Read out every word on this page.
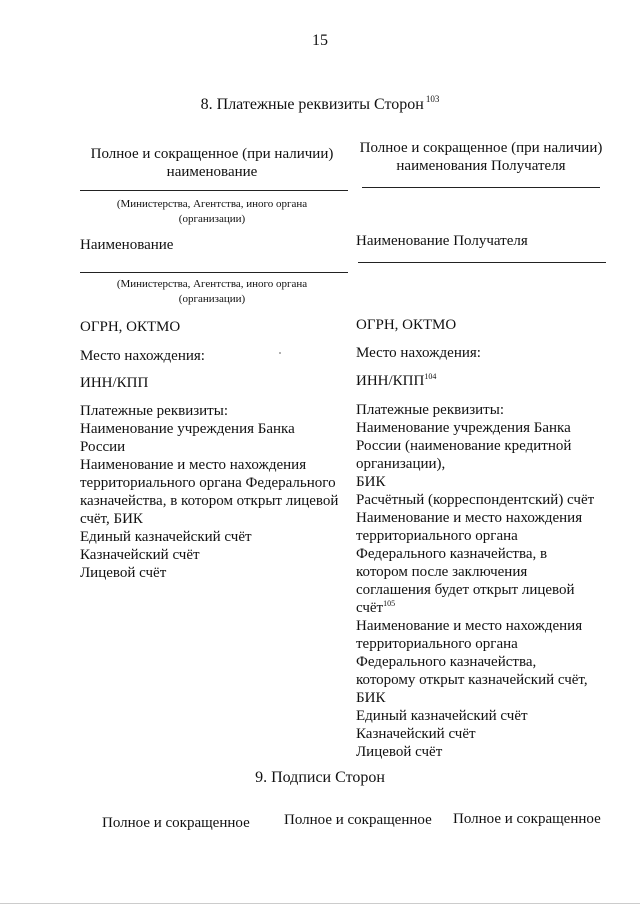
15
8. Платежные реквизиты Сторон $^{103}$
Полное и сокращенное (при наличии)
наименование
(Министерства, Агентства, иного органа
(организации)
Наименование
(Министерства, Агентства, иного органа
(организации)
ОГРН, ОКТМО
Место нахождения:
ИНН/КПП
Платежные реквизиты:
Наименование учреждения Банка
России
Наименование и место нахождения
территориального органа Федерального
казначейства, в котором открыт лицевой
счёт, БИК
Единый казначейский счёт
Казначейский счёт
Лицевой счёт
Полное и сокращенное (при наличии)
наименования Получателя
Наименование Получателя
ОГРН, ОКТМО
Место нахождения:
ИНН/КПП$^{104}$
Платежные реквизиты:
Наименование учреждения Банка
России (наименование кредитной
организации),
БИК
Расчётный (корреспондентский) счёт
Наименование и место нахождения
территориального органа
Федерального казначейства, в
котором после заключения
соглашения будет открыт лицевой
счёт$^{105}$
Наименование и место нахождения
территориального органа
Федерального казначейства,
которому открыт казначейский счёт,
БИК
Единый казначейский счёт
Казначейский счёт
Лицевой счёт
9. Подписи Сторон
Полное и сокращенное Полное и сокращенное Полное и сокращенное
